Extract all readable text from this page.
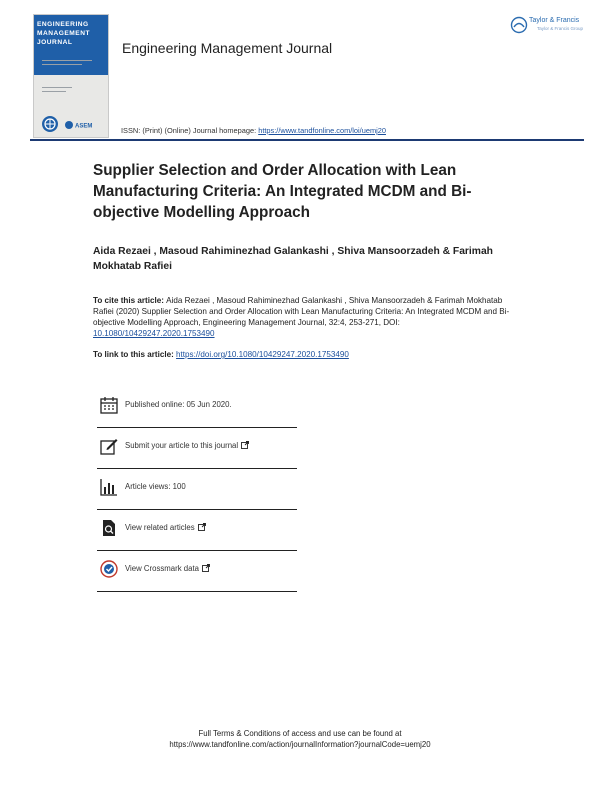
ENGINEERING
MANAGEMENT
JOURNAL
ASEM
Engineering Management Journal
Taylor & Francis
Taylor & Francis Group
ISSN: (Print) (Online) Journal homepage: https://www.tandfonline.com/loi/uemj20
Supplier Selection and Order Allocation with Lean Manufacturing Criteria: An Integrated MCDM and Bi-objective Modelling Approach
Aida Rezaei , Masoud Rahiminezhad Galankashi , Shiva Mansoorzadeh & Farimah Mokhatab Rafiei
To cite this article: Aida Rezaei , Masoud Rahiminezhad Galankashi , Shiva Mansoorzadeh & Farimah Mokhatab Rafiei (2020) Supplier Selection and Order Allocation with Lean Manufacturing Criteria: An Integrated MCDM and Bi-objective Modelling Approach, Engineering Management Journal, 32:4, 253-271, DOI: 10.1080/10429247.2020.1753490
To link to this article: https://doi.org/10.1080/10429247.2020.1753490
Published online: 05 Jun 2020.
Submit your article to this journal
Article views: 100
View related articles
View Crossmark data
Full Terms & Conditions of access and use can be found at
https://www.tandfonline.com/action/journalInformation?journalCode=uemj20
